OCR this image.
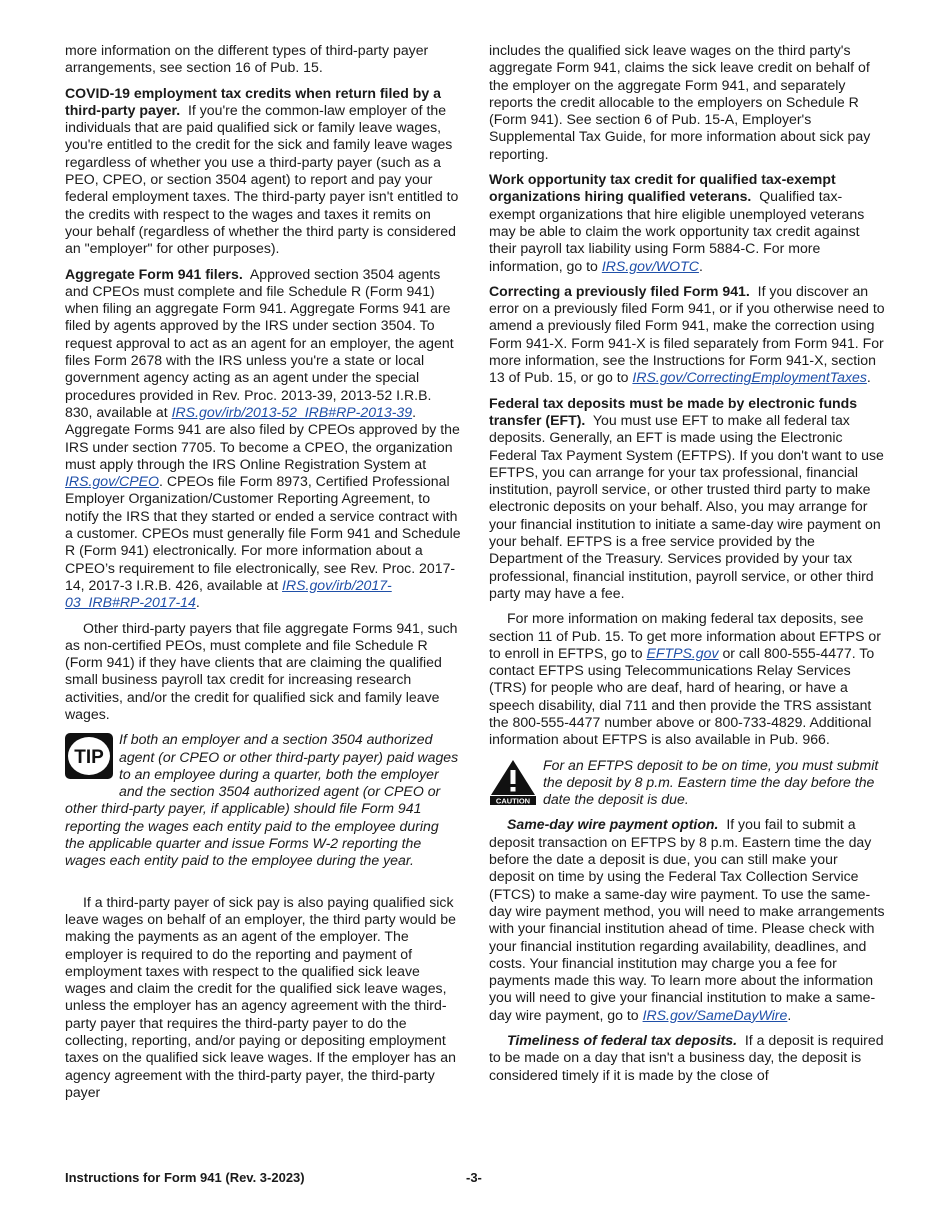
more information on the different types of third-party payer arrangements, see section 16 of Pub. 15.

COVID-19 employment tax credits when return filed by a third-party payer. If you're the common-law employer of the individuals that are paid qualified sick or family leave wages, you're entitled to the credit for the sick and family leave wages regardless of whether you use a third-party payer (such as a PEO, CPEO, or section 3504 agent) to report and pay your federal employment taxes. The third-party payer isn't entitled to the credits with respect to the wages and taxes it remits on your behalf (regardless of whether the third party is considered an "employer" for other purposes).

Aggregate Form 941 filers. Approved section 3504 agents and CPEOs must complete and file Schedule R (Form 941) when filing an aggregate Form 941. Aggregate Forms 941 are filed by agents approved by the IRS under section 3504. To request approval to act as an agent for an employer, the agent files Form 2678 with the IRS unless you're a state or local government agency acting as an agent under the special procedures provided in Rev. Proc. 2013-39, 2013-52 I.R.B. 830, available at IRS.gov/irb/2013-52_IRB#RP-2013-39. Aggregate Forms 941 are also filed by CPEOs approved by the IRS under section 7705. To become a CPEO, the organization must apply through the IRS Online Registration System at IRS.gov/CPEO. CPEOs file Form 8973, Certified Professional Employer Organization/Customer Reporting Agreement, to notify the IRS that they started or ended a service contract with a customer. CPEOs must generally file Form 941 and Schedule R (Form 941) electronically. For more information about a CPEO’s requirement to file electronically, see Rev. Proc. 2017-14, 2017-3 I.R.B. 426, available at IRS.gov/irb/2017-03_IRB#RP-2017-14.

Other third-party payers that file aggregate Forms 941, such as non-certified PEOs, must complete and file Schedule R (Form 941) if they have clients that are claiming the qualified small business payroll tax credit for increasing research activities, and/or the credit for qualified sick and family leave wages.

TIP
If both an employer and a section 3504 authorized agent (or CPEO or other third-party payer) paid wages to an employee during a quarter, both the employer and the section 3504 authorized agent (or CPEO or other third-party payer, if applicable) should file Form 941 reporting the wages each entity paid to the employee during the applicable quarter and issue Forms W-2 reporting the wages each entity paid to the employee during the year.

If a third-party payer of sick pay is also paying qualified sick leave wages on behalf of an employer, the third party would be making the payments as an agent of the employer. The employer is required to do the reporting and payment of employment taxes with respect to the qualified sick leave wages and claim the credit for the qualified sick leave wages, unless the employer has an agency agreement with the third-party payer that requires the third-party payer to do the collecting, reporting, and/or paying or depositing employment taxes on the qualified sick leave wages. If the employer has an agency agreement with the third-party payer, the third-party payer

includes the qualified sick leave wages on the third party's aggregate Form 941, claims the sick leave credit on behalf of the employer on the aggregate Form 941, and separately reports the credit allocable to the employers on Schedule R (Form 941). See section 6 of Pub. 15-A, Employer's Supplemental Tax Guide, for more information about sick pay reporting.

Work opportunity tax credit for qualified tax-exempt organizations hiring qualified veterans. Qualified tax-exempt organizations that hire eligible unemployed veterans may be able to claim the work opportunity tax credit against their payroll tax liability using Form 5884-C. For more information, go to IRS.gov/WOTC.

Correcting a previously filed Form 941. If you discover an error on a previously filed Form 941, or if you otherwise need to amend a previously filed Form 941, make the correction using Form 941-X. Form 941-X is filed separately from Form 941. For more information, see the Instructions for Form 941-X, section 13 of Pub. 15, or go to IRS.gov/CorrectingEmploymentTaxes.

Federal tax deposits must be made by electronic funds transfer (EFT). You must use EFT to make all federal tax deposits. Generally, an EFT is made using the Electronic Federal Tax Payment System (EFTPS). If you don't want to use EFTPS, you can arrange for your tax professional, financial institution, payroll service, or other trusted third party to make electronic deposits on your behalf. Also, you may arrange for your financial institution to initiate a same-day wire payment on your behalf. EFTPS is a free service provided by the Department of the Treasury. Services provided by your tax professional, financial institution, payroll service, or other third party may have a fee.

For more information on making federal tax deposits, see section 11 of Pub. 15. To get more information about EFTPS or to enroll in EFTPS, go to EFTPS.gov or call 800-555-4477. To contact EFTPS using Telecommunications Relay Services (TRS) for people who are deaf, hard of hearing, or have a speech disability, dial 711 and then provide the TRS assistant the 800-555-4477 number above or 800-733-4829. Additional information about EFTPS is also available in Pub. 966.

CAUTION
For an EFTPS deposit to be on time, you must submit the deposit by 8 p.m. Eastern time the day before the date the deposit is due.

Same-day wire payment option. If you fail to submit a deposit transaction on EFTPS by 8 p.m. Eastern time the day before the date a deposit is due, you can still make your deposit on time by using the Federal Tax Collection Service (FTCS) to make a same-day wire payment. To use the same-day wire payment method, you will need to make arrangements with your financial institution ahead of time. Please check with your financial institution regarding availability, deadlines, and costs. Your financial institution may charge you a fee for payments made this way. To learn more about the information you will need to give your financial institution to make a same-day wire payment, go to IRS.gov/SameDayWire.

Timeliness of federal tax deposits. If a deposit is required to be made on a day that isn't a business day, the deposit is considered timely if it is made by the close of

Instructions for Form 941 (Rev. 3-2023)	-3-
